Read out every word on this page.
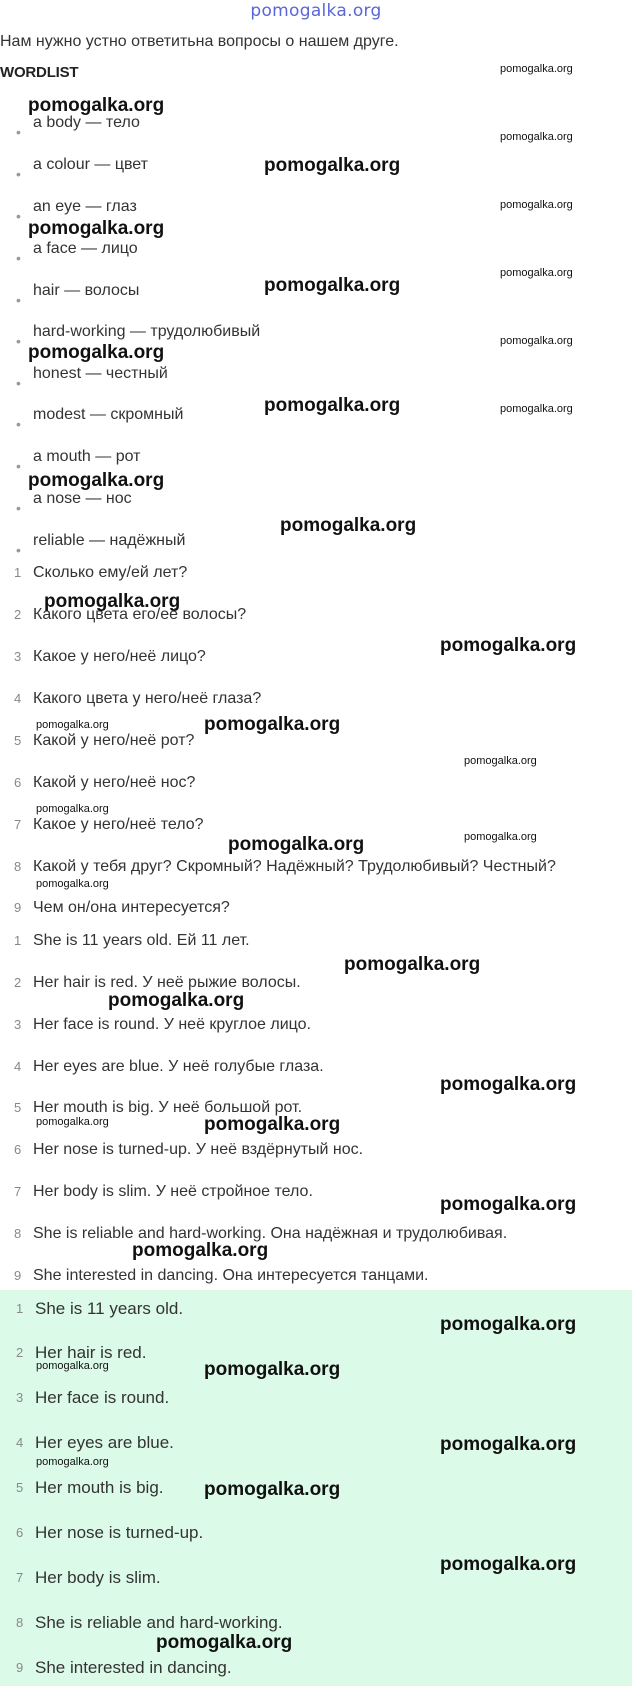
pomogalka.org
Нам нужно устно ответитьна вопросы о нашем друге.
WORDLIST
•
a body — тело
•
a colour — цвет
•
an eye — глаз
•
a face — лицо
•
hair — волосы
•
hard-working — трудолюбивый
•
honest — честный
•
modest — скромный
•
a mouth — рот
•
a nose — нос
•
reliable — надёжный
1 Сколько ему/ей лет?
2 Какого цвета его/её волосы?
3 Какое у него/неё лицо?
4 Какого цвета у него/неё глаза?
5 Какой у него/неё рот?
6 Какой у него/неё нос?
7 Какое у него/неё тело?
8 Какой у тебя друг? Скромный? Надёжный? Трудолюбивый? Честный?
9 Чем он/она интересуется?
1 She is 11 years old. Ей 11 лет.
2 Her hair is red. У неё рыжие волосы.
3 Her face is round. У неё круглое лицо.
4 Her eyes are blue. У неё голубые глаза.
5 Her mouth is big. У неё большой рот.
6 Her nose is turned-up. У неё вздёрнутый нос.
7 Her body is slim. У неё стройное тело.
8 She is reliable and hard-working. Она надёжная и трудолюбивая.
9 She interested in dancing. Она интересуется танцами.
1 She is 11 years old.
2 Her hair is red.
3 Her face is round.
4 Her eyes are blue.
5 Her mouth is big.
6 Her nose is turned-up.
7 Her body is slim.
8 She is reliable and hard-working.
9 She interested in dancing.
pomogalka.org
pomogalka.org
pomogalka.org
pomogalka.org
pomogalka.org
pomogalka.org
pomogalka.org
pomogalka.org
pomogalka.org
pomogalka.org
pomogalka.org
pomogalka.org
pomogalka.org
pomogalka.org
pomogalka.org
pomogalka.org
pomogalka.org	pomogalka.org
pomogalka.org
pomogalka.org
pomogalka.org	pomogalka.org
pomogalka.org
pomogalka.org
pomogalka.org
pomogalka.org
pomogalka.org	pomogalka.org
pomogalka.org
pomogalka.org
pomogalka.org
pomogalka.org	pomogalka.org
pomogalka.org
pomogalka.org
pomogalka.org
pomogalka.org
pomogalka.org
